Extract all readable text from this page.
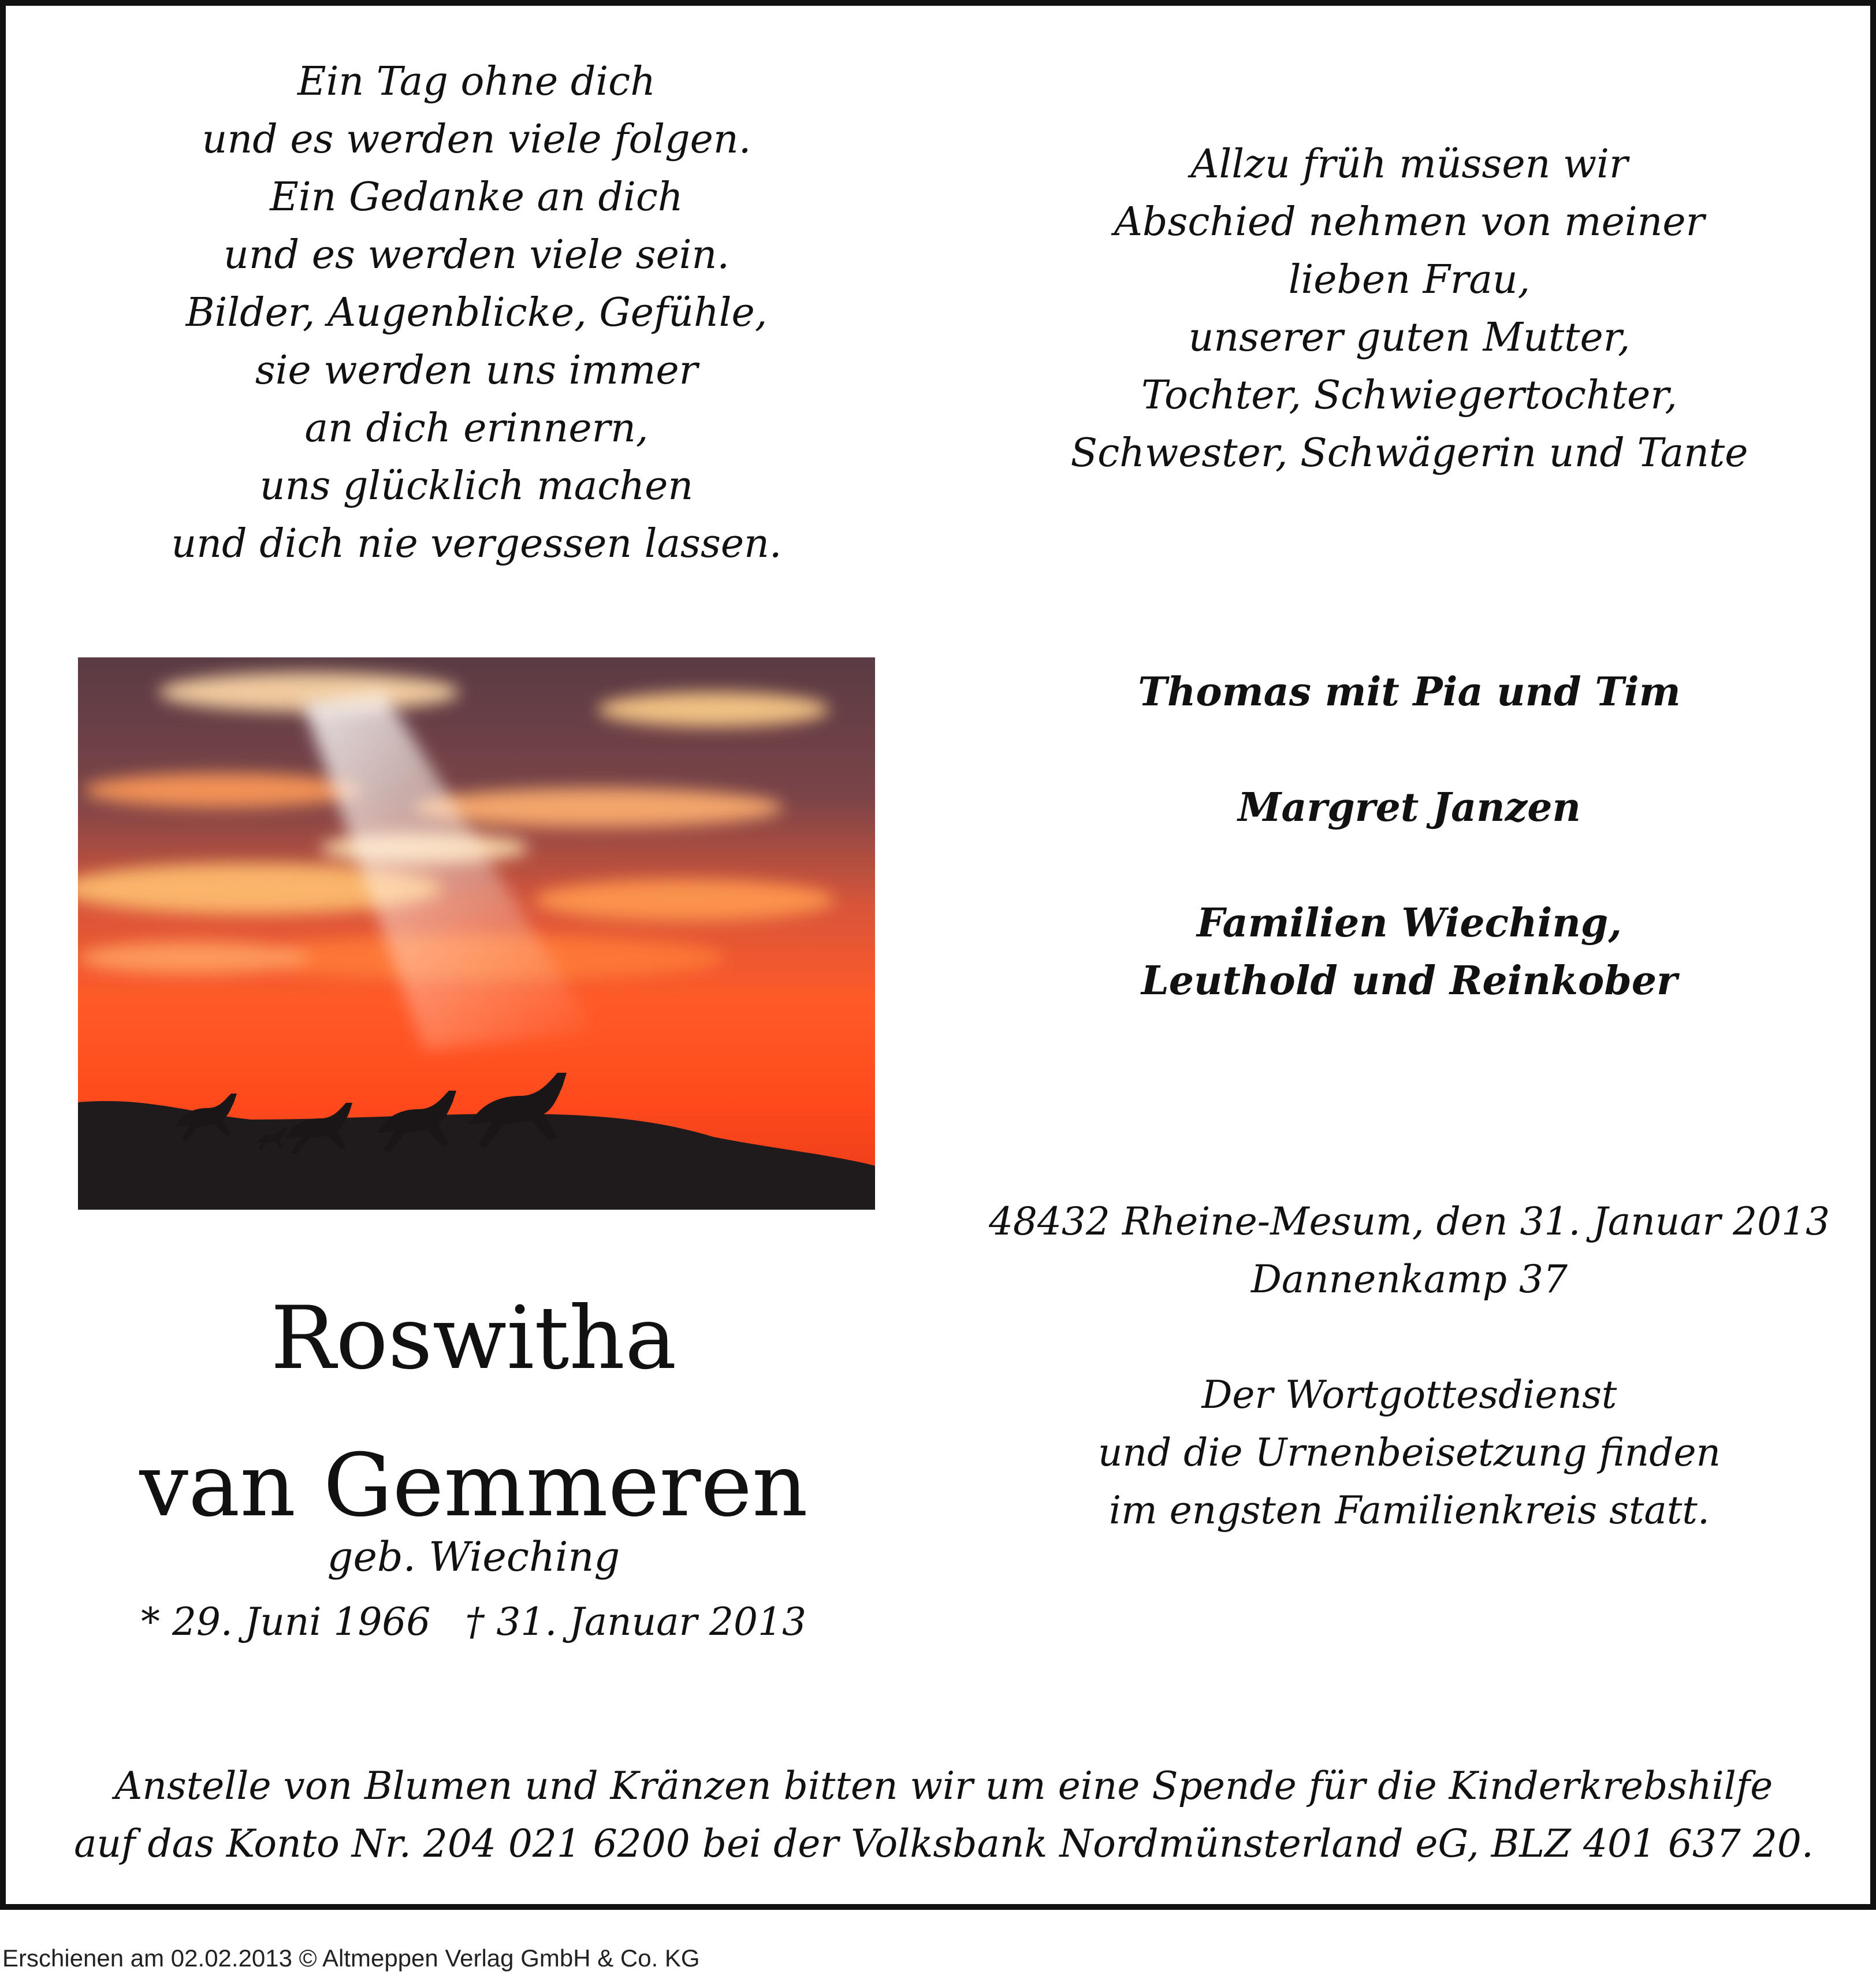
Ein Tag ohne dich
und es werden viele folgen.
Ein Gedanke an dich
und es werden viele sein.
Bilder, Augenblicke, Gefühle,
sie werden uns immer
an dich erinnern,
uns glücklich machen
und dich nie vergessen lassen.
Allzu früh müssen wir
Abschied nehmen von meiner
lieben Frau,
unserer guten Mutter,
Tochter, Schwiegertochter,
Schwester, Schwägerin und Tante
Roswitha
van Gemmeren
geb. Wieching
* 29. Juni 1966 † 31. Januar 2013
Thomas mit Pia und Tim

Margret Janzen

Familien Wieching,
Leuthold und Reinkober
48432 Rheine-Mesum, den 31. Januar 2013
Dannenkamp 37
Der Wortgottesdienst
und die Urnenbeisetzung finden
im engsten Familienkreis statt.
Anstelle von Blumen und Kränzen bitten wir um eine Spende für die Kinderkrebshilfe
auf das Konto Nr. 204 021 6200 bei der Volksbank Nordmünsterland eG, BLZ 401 637 20.
Erschienen am 02.02.2013 © Altmeppen Verlag GmbH & Co. KG
